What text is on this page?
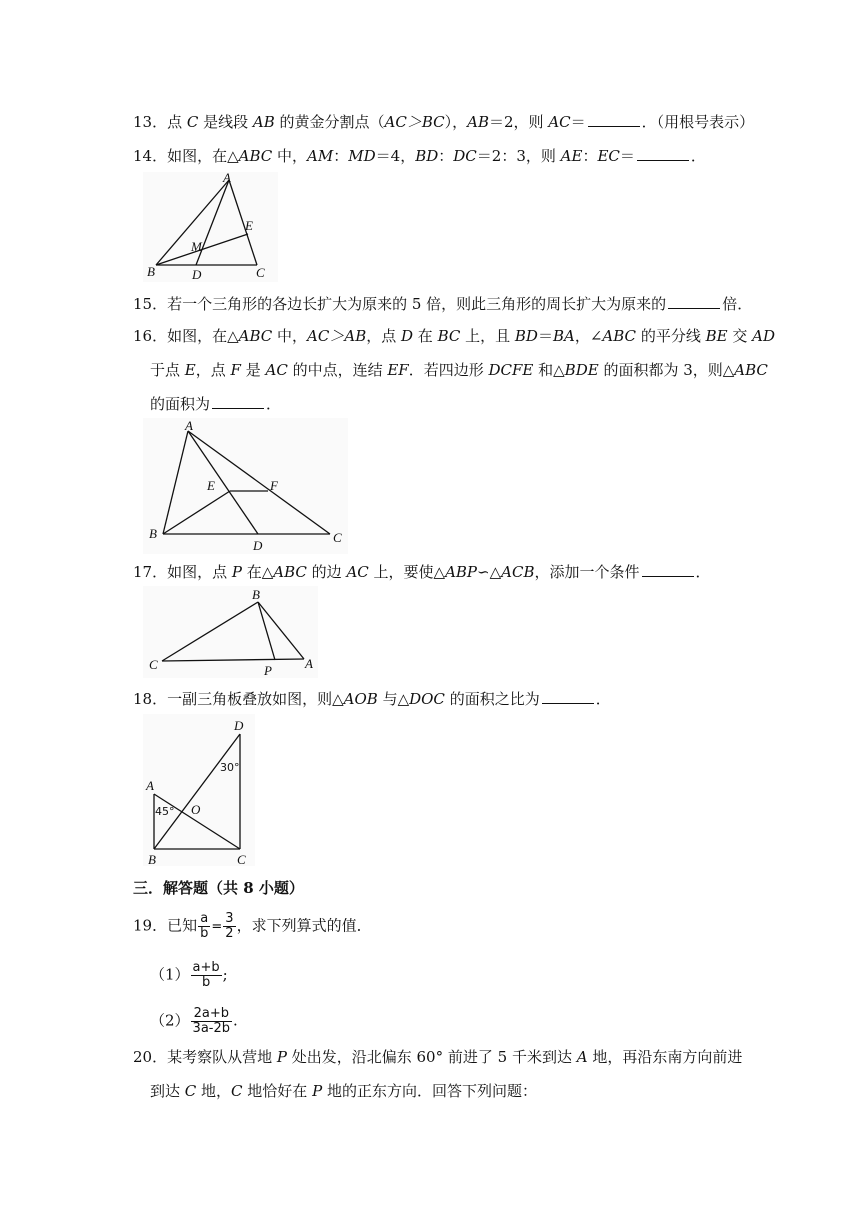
13．点 C 是线段 AB 的黄金分割点（AC＞BC），AB＝2，则 AC＝	．（用根号表示）
14．如图，在△ABC 中，AM：MD＝4，BD：DC＝2：3，则 AE：EC＝	．
A
B	C
D
E
M
15．若一个三角形的各边长扩大为原来的 5 倍，则此三角形的周长扩大为原来的	倍．
16．如图，在△ABC 中，AC＞AB，点 D 在 BC 上，且 BD＝BA，∠ABC 的平分线 BE 交 AD
于点 E，点 F 是 AC 的中点，连结 EF．若四边形 DCFE 和△BDE 的面积都为 3，则△ABC
的面积为	．
A
B	C
D
E	F
17．如图，点 P 在△ABC 的边 AC 上，要使△ABP∽△ACB，添加一个条件	．
B
C	A
P
18．一副三角板叠放如图，则△AOB 与△DOC 的面积之比为	．
D
A
B	C
O
45°
30°
三．解答题（共 8 小题）
19．已知 $\frac{a}{b} = \frac{3}{2}$ ，求下列算式的值．
$(1) \frac{a+b}{b}$ ;
$(2) \frac{2a+b}{3a-2b}$ .
20．某考察队从营地 P 处出发，沿北偏东 60° 前进了 5 千米到达 A 地，再沿东南方向前进
到达 C 地，C 地恰好在 P 地的正东方向．回答下列问题：
